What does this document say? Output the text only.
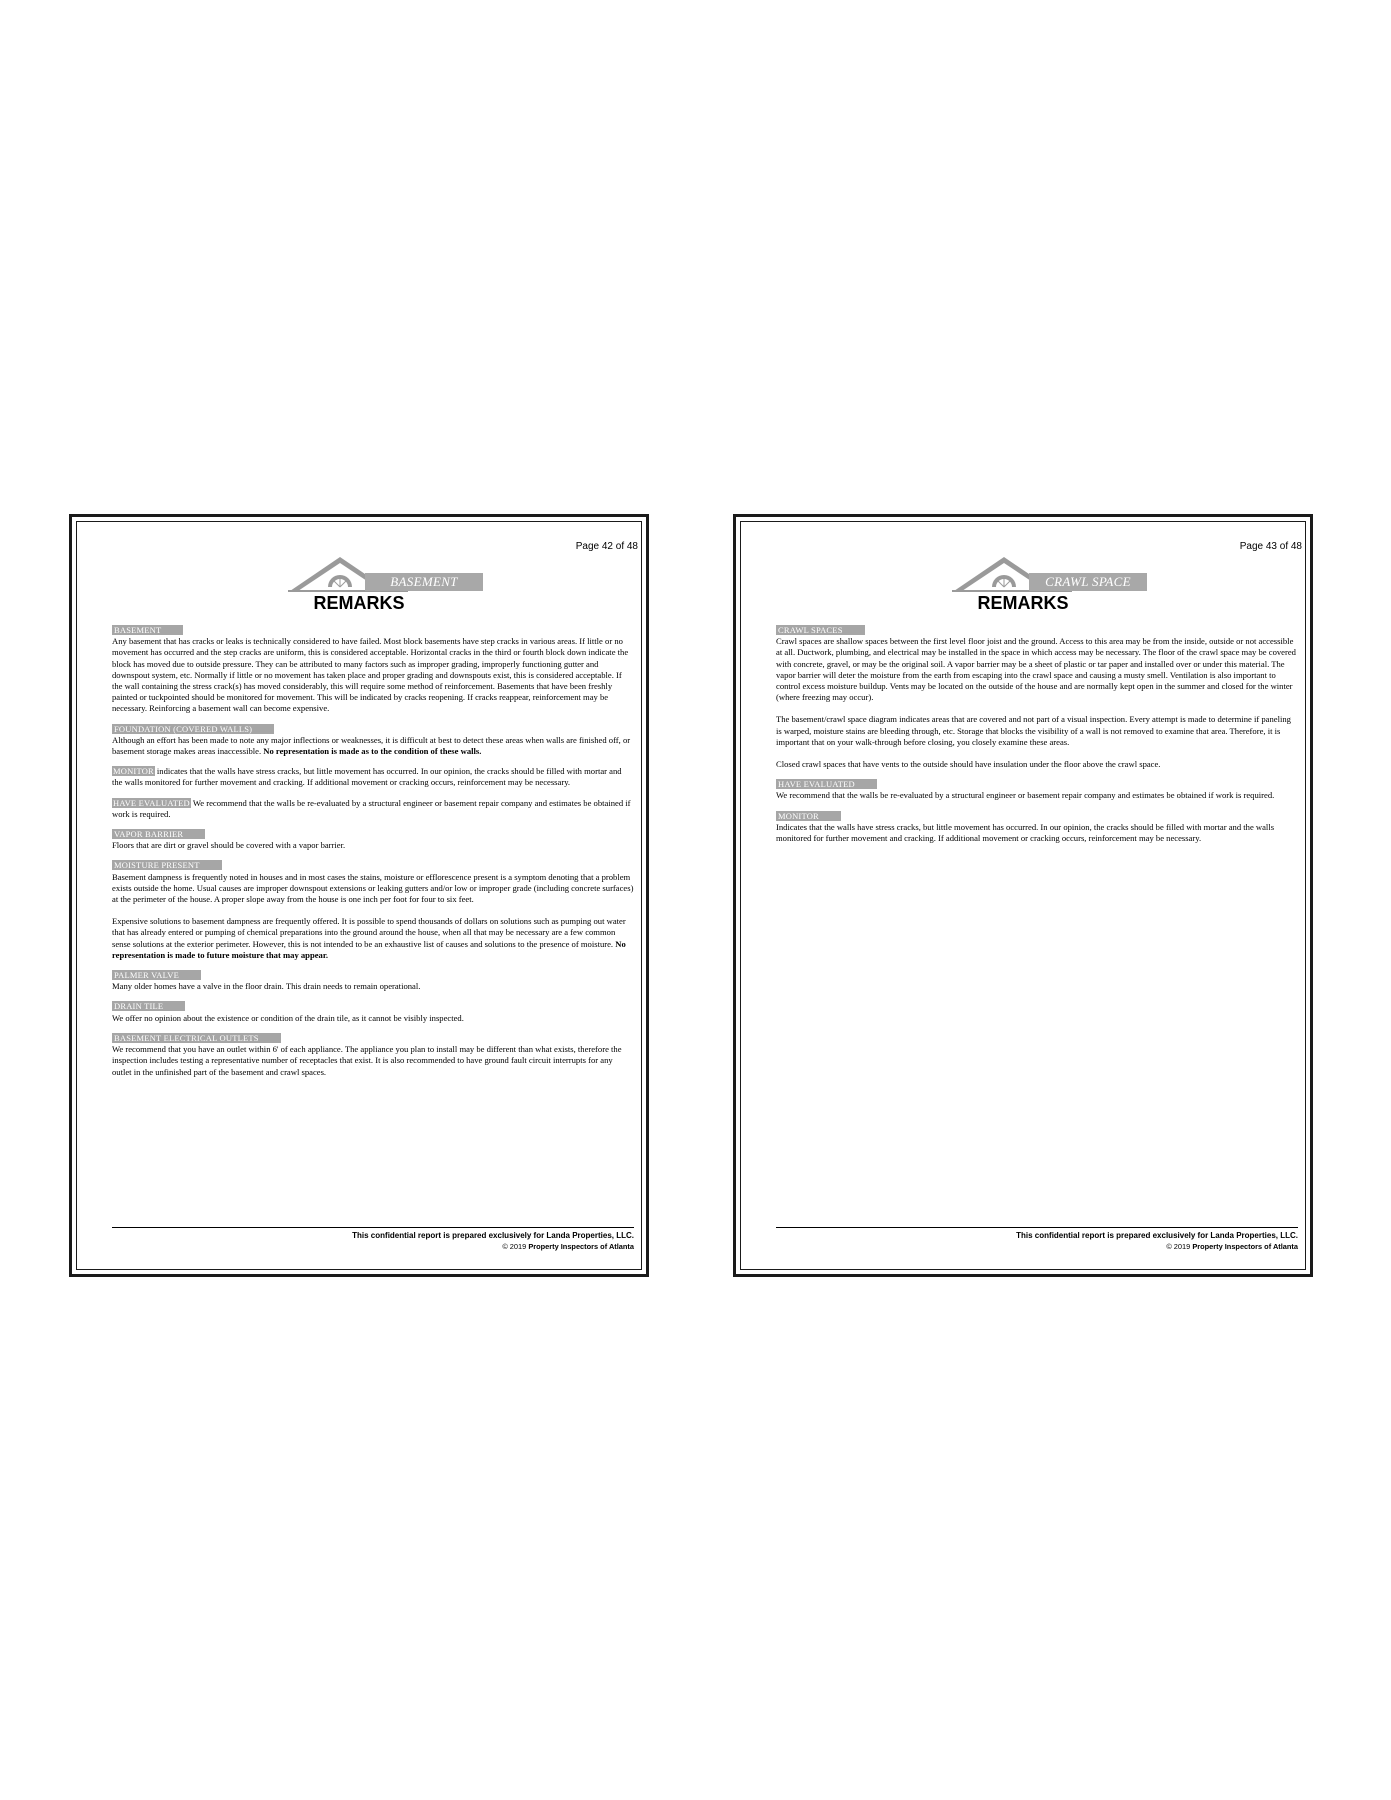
Page 42 of 48
BASEMENT
REMARKS
BASEMENT

Any basement that has cracks or leaks is technically considered to have failed. Most block basements have step cracks in various areas. If little or no movement has occurred and the step cracks are uniform, this is considered acceptable. Horizontal cracks in the third or fourth block down indicate the block has moved due to outside pressure. They can be attributed to many factors such as improper grading, improperly functioning gutter and downspout system, etc. Normally if little or no movement has taken place and proper grading and downspouts exist, this is considered acceptable. If the wall containing the stress crack(s) has moved considerably, this will require some method of reinforcement. Basements that have been freshly painted or tuckpointed should be monitored for movement. This will be indicated by cracks reopening. If cracks reappear, reinforcement may be necessary. Reinforcing a basement wall can become expensive.

FOUNDATION (COVERED WALLS)

Although an effort has been made to note any major inflections or weaknesses, it is difficult at best to detect these areas when walls are finished off, or basement storage makes areas inaccessible. No representation is made as to the condition of these walls.

MONITOR indicates that the walls have stress cracks, but little movement has occurred. In our opinion, the cracks should be filled with mortar and the walls monitored for further movement and cracking. If additional movement or cracking occurs, reinforcement may be necessary.

HAVE EVALUATED We recommend that the walls be re-evaluated by a structural engineer or basement repair company and estimates be obtained if work is required.

VAPOR BARRIER

Floors that are dirt or gravel should be covered with a vapor barrier.

MOISTURE PRESENT

Basement dampness is frequently noted in houses and in most cases the stains, moisture or efflorescence present is a symptom denoting that a problem exists outside the home. Usual causes are improper downspout extensions or leaking gutters and/or low or improper grade (including concrete surfaces) at the perimeter of the house. A proper slope away from the house is one inch per foot for four to six feet.

Expensive solutions to basement dampness are frequently offered. It is possible to spend thousands of dollars on solutions such as pumping out water that has already entered or pumping of chemical preparations into the ground around the house, when all that may be necessary are a few common sense solutions at the exterior perimeter. However, this is not intended to be an exhaustive list of causes and solutions to the presence of moisture. No representation is made to future moisture that may appear.

PALMER VALVE

Many older homes have a valve in the floor drain. This drain needs to remain operational.

DRAIN TILE

We offer no opinion about the existence or condition of the drain tile, as it cannot be visibly inspected.

BASEMENT ELECTRICAL OUTLETS

We recommend that you have an outlet within 6' of each appliance. The appliance you plan to install may be different than what exists, therefore the inspection includes testing a representative number of receptacles that exist. It is also recommended to have ground fault circuit interrupts for any outlet in the unfinished part of the basement and crawl spaces.

This confidential report is prepared exclusively for Landa Properties, LLC.
© 2019 Property Inspectors of Atlanta
Page 43 of 48
CRAWL SPACE
REMARKS
CRAWL SPACES

Crawl spaces are shallow spaces between the first level floor joist and the ground. Access to this area may be from the inside, outside or not accessible at all. Ductwork, plumbing, and electrical may be installed in the space in which access may be necessary. The floor of the crawl space may be covered with concrete, gravel, or may be the original soil. A vapor barrier may be a sheet of plastic or tar paper and installed over or under this material. The vapor barrier will deter the moisture from the earth from escaping into the crawl space and causing a musty smell. Ventilation is also important to control excess moisture buildup. Vents may be located on the outside of the house and are normally kept open in the summer and closed for the winter (where freezing may occur).

The basement/crawl space diagram indicates areas that are covered and not part of a visual inspection. Every attempt is made to determine if paneling is warped, moisture stains are bleeding through, etc. Storage that blocks the visibility of a wall is not removed to examine that area. Therefore, it is important that on your walk-through before closing, you closely examine these areas.

Closed crawl spaces that have vents to the outside should have insulation under the floor above the crawl space.

HAVE EVALUATED

We recommend that the walls be re-evaluated by a structural engineer or basement repair company and estimates be obtained if work is required.

MONITOR

Indicates that the walls have stress cracks, but little movement has occurred. In our opinion, the cracks should be filled with mortar and the walls monitored for further movement and cracking. If additional movement or cracking occurs, reinforcement may be necessary.

This confidential report is prepared exclusively for Landa Properties, LLC.
© 2019 Property Inspectors of Atlanta
